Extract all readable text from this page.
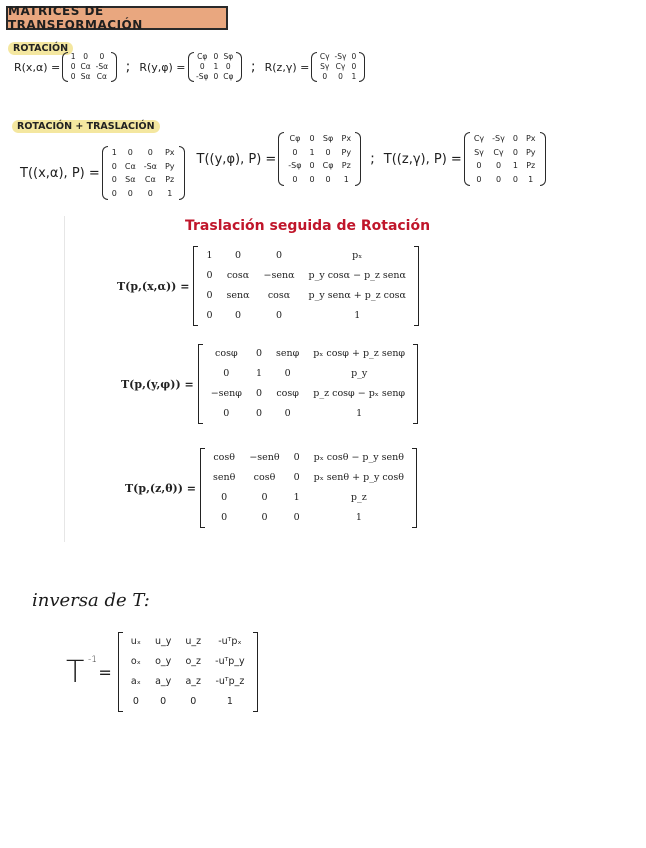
MATRICES DE TRANSFORMACIÓN
ROTACIÓN
R(x,α) =
1	0	0
0	Cα	-Sα
0	Sα	Cα
; R(y,φ) =
Cφ	0	Sφ
0	1	0
-Sφ	0	Cφ
; R(z,γ) =
Cγ	-Sγ	0
Sγ	Cγ	0
0	0	1
ROTACIÓN + TRASLACIÓN
T((x,α), P) =
1	0	0	Px
0	Cα	-Sα	Py
0	Sα	Cα	Pz
0	0	0	1
T((y,φ), P) =
Cφ	0	Sφ	Px
0	1	0	Py
-Sφ	0	Cφ	Pz
0	0	0	1
; T((z,γ), P) =
Cγ	-Sγ	0	Px
Sγ	Cγ	0	Py
0	0	1	Pz
0	0	0	1
Traslación seguida de Rotación
T(p,(x,α)) =
1	0	0	pₓ
0	cosα	−senα	p_y cosα − p_z senα
0	senα	cosα	p_y senα + p_z cosα
0	0	0	1
T(p,(y,φ)) =
cosφ	0	senφ	pₓ cosφ + p_z senφ
0	1	0	p_y
−senφ	0	cosφ	p_z cosφ − pₓ senφ
0	0	0	1
T(p,(z,θ)) =
cosθ	−senθ	0	pₓ cosθ − p_y senθ
senθ	cosθ	0	pₓ senθ + p_y cosθ
0	0	1	p_z
0	0	0	1
inversa de T:
T -1
=
uₓ	u_y	u_z	-uᵀpₓ
oₓ	o_y	o_z	-uᵀp_y
aₓ	a_y	a_z	-uᵀp_z
0	0	0	1
